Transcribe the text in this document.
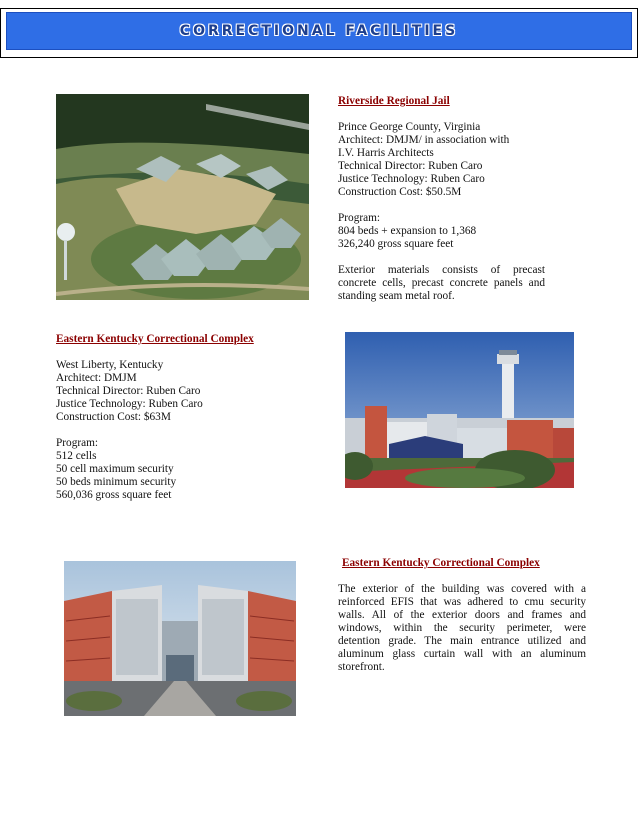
CORRECTIONAL FACILITIES

Riverside Regional Jail

Prince George County, Virginia

Architect: DMJM/ in association with

I.V. Harris Architects

Technical Director: Ruben Caro

Justice Technology: Ruben Caro

Construction Cost: $50.5M

Program:

804 beds + expansion to 1,368

326,240 gross square feet

Exterior materials consists of precast concrete cells, precast concrete panels and standing seam metal roof.

Eastern Kentucky Correctional Complex

West Liberty, Kentucky

Architect: DMJM

Technical Director: Ruben Caro

Justice Technology: Ruben Caro

Construction Cost: $63M

Program:

512 cells

50 cell maximum security

50 beds minimum security

560,036 gross square feet

Eastern Kentucky Correctional Complex

The exterior of the building was covered with a reinforced EFIS that was adhered to cmu security walls. All of the exterior doors and frames and windows, within the security perimeter, were detention grade. The main entrance utilized and aluminum glass curtain wall with an aluminum storefront.
